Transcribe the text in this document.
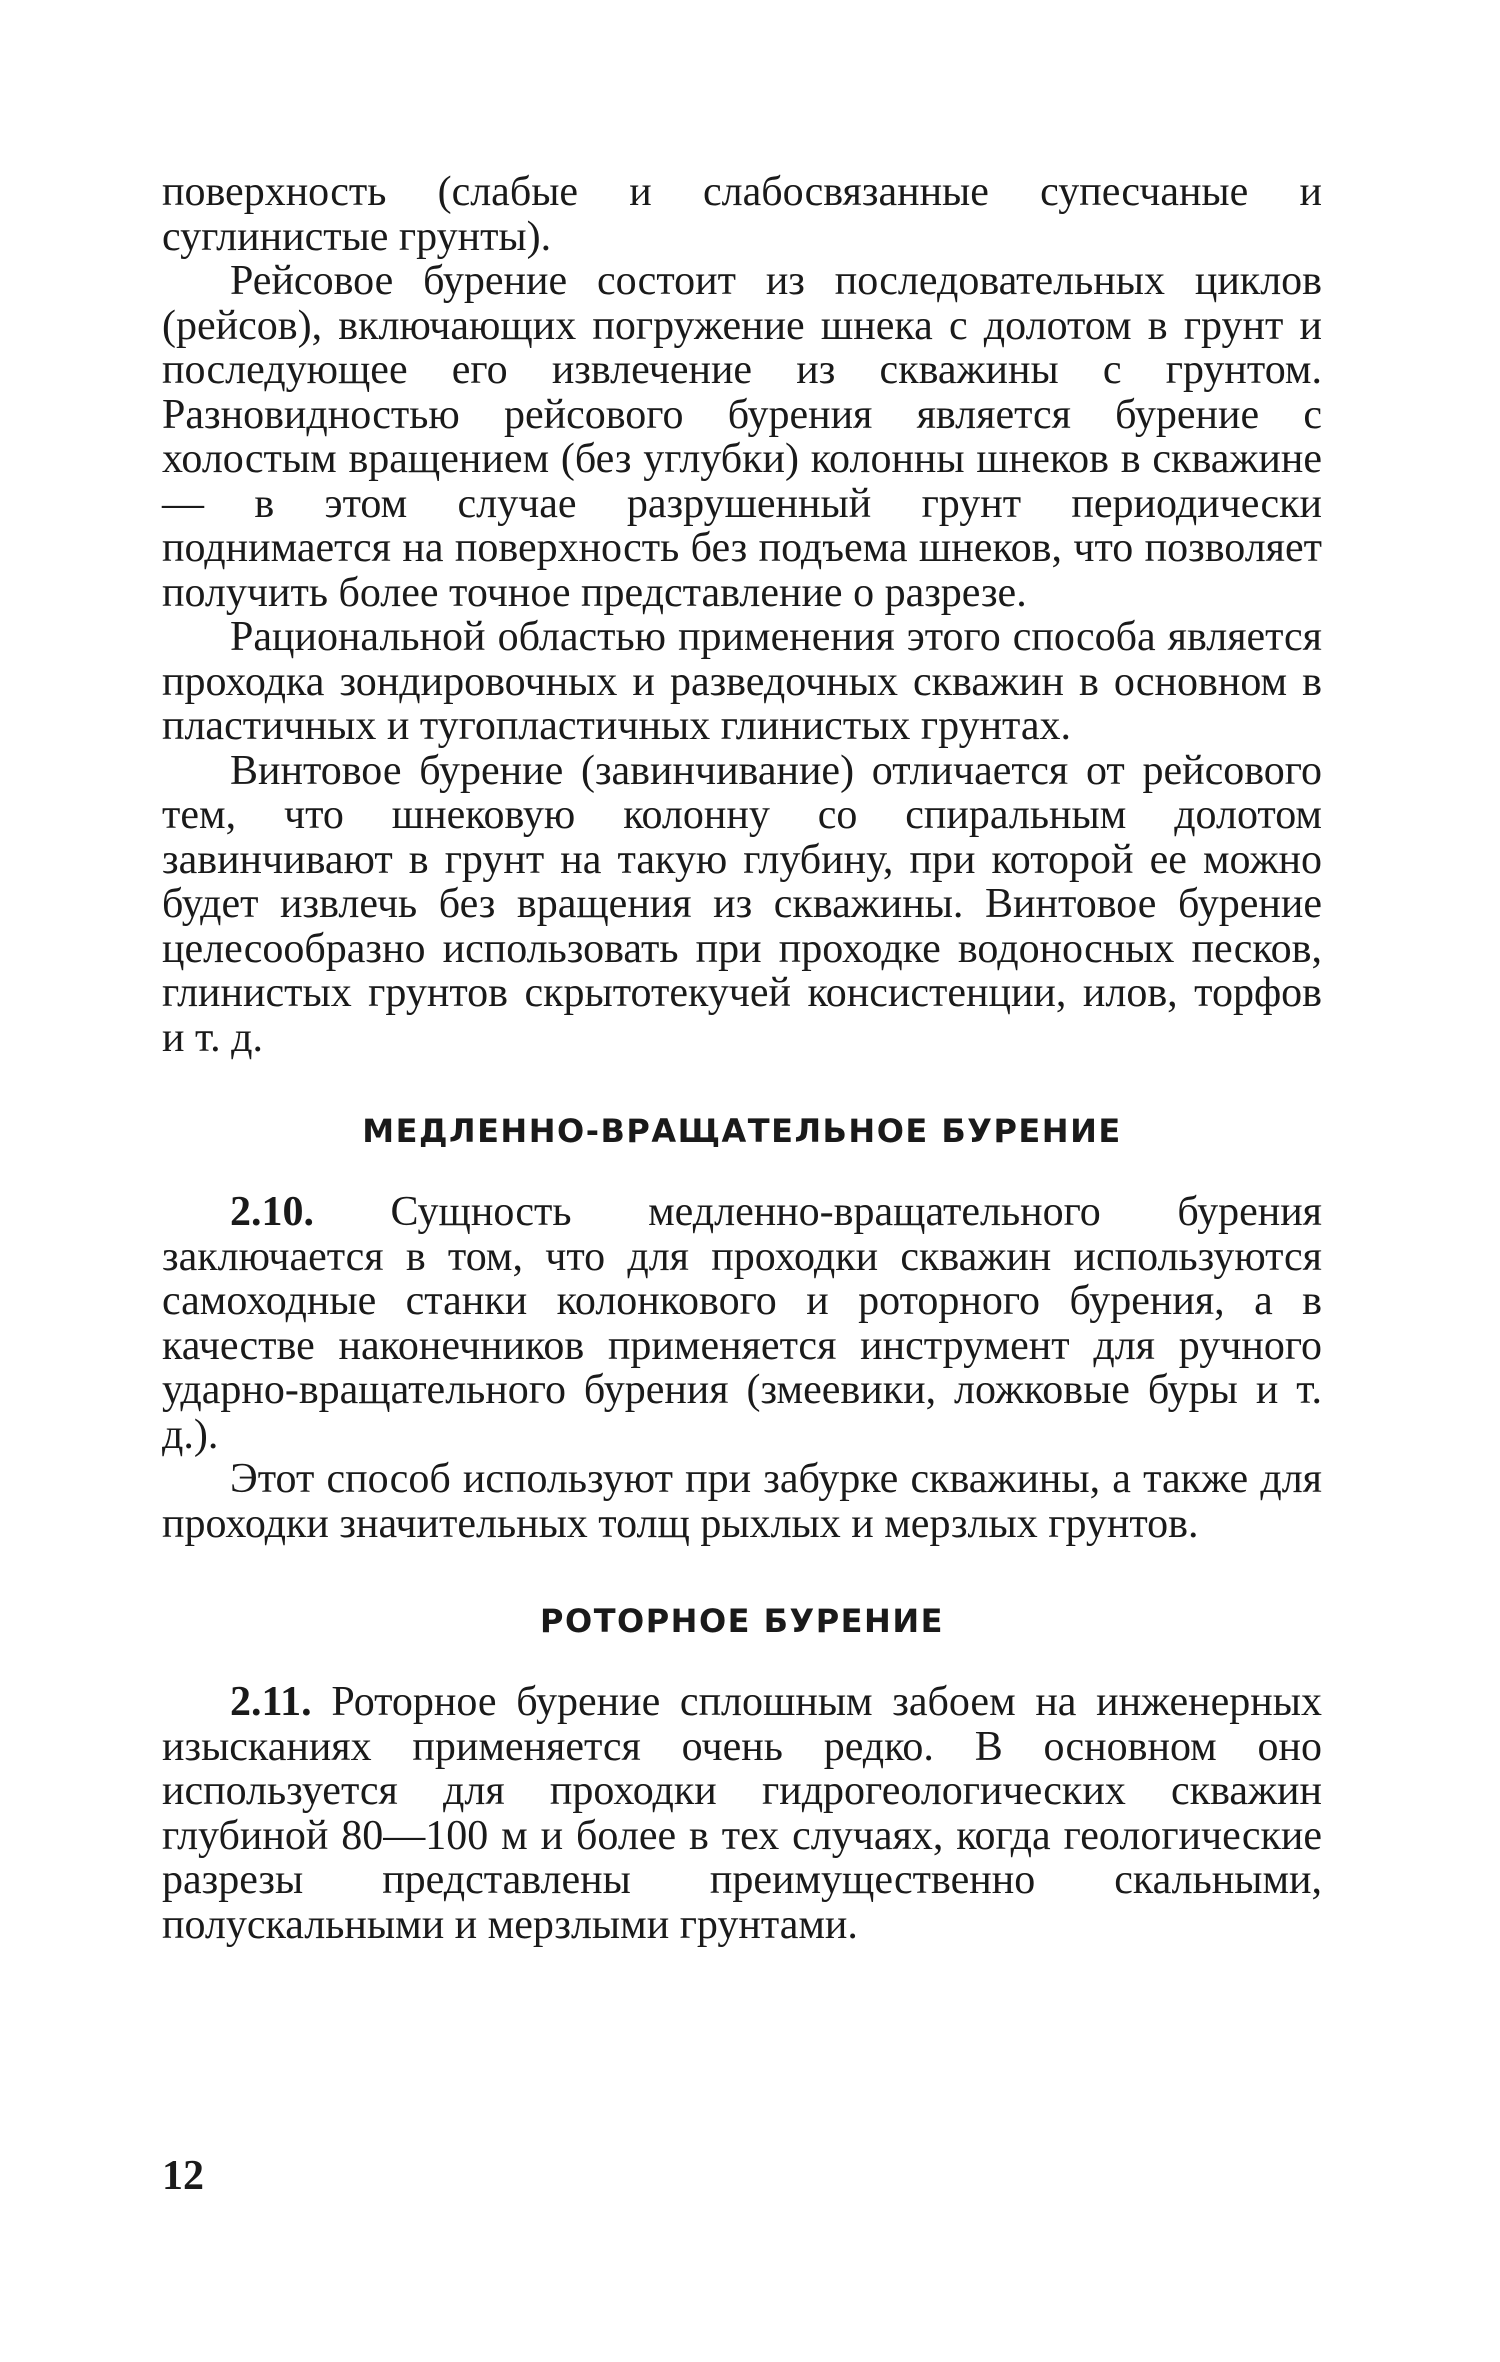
поверхность (слабые и слабосвязанные супесчаные и суглинистые грунты).

Рейсовое бурение состоит из последовательных циклов (рейсов), включающих погружение шнека с долотом в грунт и последующее его извлечение из скважины с грунтом. Разновидностью рейсового бурения является бурение с холостым вращением (без углубки) колонны шнеков в скважине — в этом случае разрушенный грунт периодически поднимается на поверхность без подъема шнеков, что позволяет получить более точное представление о разрезе.

Рациональной областью применения этого способа является проходка зондировочных и разведочных скважин в основном в пластичных и тугопластичных глинистых грунтах.

Винтовое бурение (завинчивание) отличается от рейсового тем, что шнековую колонну со спиральным долотом завинчивают в грунт на такую глубину, при которой ее можно будет извлечь без вращения из скважины. Винтовое бурение целесообразно использовать при проходке водоносных песков, глинистых грунтов скрытотекучей консистенции, илов, торфов и т. д.

МЕДЛЕННО-ВРАЩАТЕЛЬНОЕ БУРЕНИЕ

2.10. Сущность медленно-вращательного бурения заключается в том, что для проходки скважин используются самоходные станки колонкового и роторного бурения, а в качестве наконечников применяется инструмент для ручного ударно-вращательного бурения (змеевики, ложковые буры и т. д.).

Этот способ используют при забурке скважины, а также для проходки значительных толщ рыхлых и мерзлых грунтов.

РОТОРНОЕ БУРЕНИЕ

2.11. Роторное бурение сплошным забоем на инженерных изысканиях применяется очень редко. В основном оно используется для проходки гидрогеологических скважин глубиной 80—100 м и более в тех случаях, когда геологические разрезы представлены преимущественно скальными, полускальными и мерзлыми грунтами.

12
